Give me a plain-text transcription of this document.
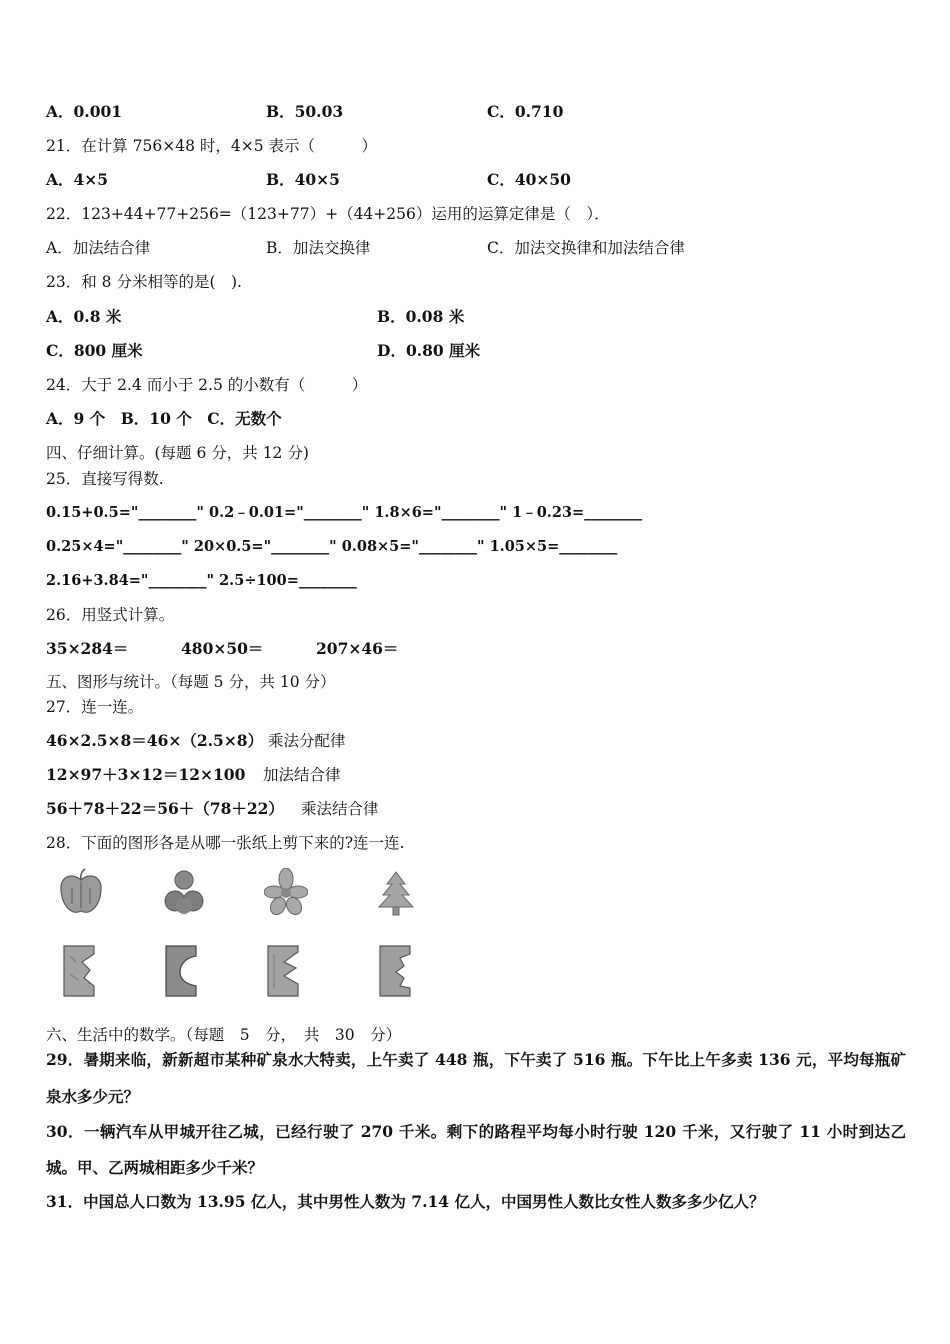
A．0.001	B．50.03	C．0.710
21．在计算 756×48 时，4×5 表示（　　　）
A．4×5	B．40×5	C．40×50
22．123+44+77+256=（123+77）+（44+256）运用的运算定律是（　）．
A．加法结合律	B．加法交换律	C．加法交换律和加法结合律
23．和 8 分米相等的是(　).
A．0.8 米	B．0.08 米
C．800 厘米	D．0.80 厘米
24．大于 2.4 而小于 2.5 的小数有（　　　）
A．9 个　B．10 个　C．无数个
四、仔细计算。(每题 6 分，共 12 分)
25．直接写得数.
0.15+0.5="________" 0.2﹣0.01="________" 1.8×6="________" 1﹣0.23=________
0.25×4="________" 20×0.5="________" 0.08×5="________" 1.05×5=________
2.16+3.84="________" 2.5÷100=________
26．用竖式计算。
35×284＝	480×50＝	207×46＝
五、图形与统计。（每题 5 分，共 10 分）
27．连一连。
46×2.5×8＝46×（2.5×8） 乘法分配律
12×97＋3×12＝12×100 加法结合律
56＋78＋22＝56＋（78＋22） 乘法结合律
28．下面的图形各是从哪一张纸上剪下来的?连一连.
六、生活中的数学。（每题　5　分，　共　30　分）
29．暑期来临，新新超市某种矿泉水大特卖，上午卖了 448 瓶，下午卖了 516 瓶。下午比上午多卖 136 元，平均每瓶矿
泉水多少元？
30．一辆汽车从甲城开往乙城，已经行驶了 270 千米。剩下的路程平均每小时行驶 120 千米，又行驶了 11 小时到达乙
城。甲、乙两城相距多少千米？
31．中国总人口数为 13.95 亿人，其中男性人数为 7.14 亿人，中国男性人数比女性人数多多少亿人？
